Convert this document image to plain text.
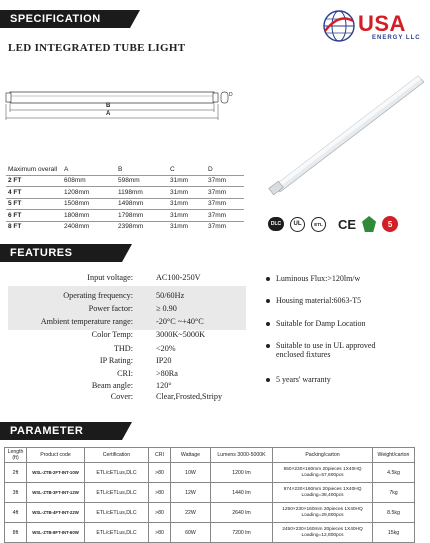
SPECIFICATION	USA
ENERGY LLC
LED INTEGRATED TUBE LIGHT
B
A
D
Maximum overall	A	B	C	D
2 FT	608mm	598mm	31mm	37mm
4 FT	1208mm	1198mm	31mm	37mm
5 FT	1508mm	1498mm	31mm	37mm
6 FT	1808mm	1798mm	31mm	37mm
8 FT	2408mm	2398mm	31mm	37mm	DLC	UL	ETL CE	5
FEATURES
Input voltage:	AC100-250V
Operating frequency:	50/60Hz
Power factor:	≥ 0.90
Ambient temperature range:	-20°C ~+40°C
Color Temp:	3000K~5000K
THD:	<20%
IP Rating:	IP20
CRI:	>80Ra
Beam angle:	120°
Cover:	Clear,Frosted,Stripy
Luminous Flux:>120lm/w
Housing material:6063-T5
Suitable for Damp Location
Suitable to use in UL approved enclosed fixtures
5 years' warranty
PARAMETER
Length (ft)	Product code	Certification	CRI	Wattage	Lumens 3000-5000K	Packing/carton	Weight/carton
2ft	WSL-ZTB-2FT-INT-10W	ETL/cETLus,DLC	>80	10W	1200 lm	650×230×160mm 20pieces 1X40HQ Loading=57,600pcs	4.5kg
3ft	WSL-ZTB-3FT-INT-12W	ETL/cETLus,DLC	>80	12W	1440 lm	974×230×160mm 20pieces 1X40HQ Loading=38,400pcs	7kg
4ft	WSL-ZTB-4FT-INT-22W	ETL/cETLus,DLC	>80	22W	2640 lm	1250×230×160mm 20pieces 1X40HQ Loading=29,800pcs	8.5kg
8ft	WSL-ZTB-8FT-INT-60W	ETL/cETLus,DLC	>80	60W	7200 lm	2450×230×160mm 20pieces 1X40HQ Loading=12,800pcs	15kg
